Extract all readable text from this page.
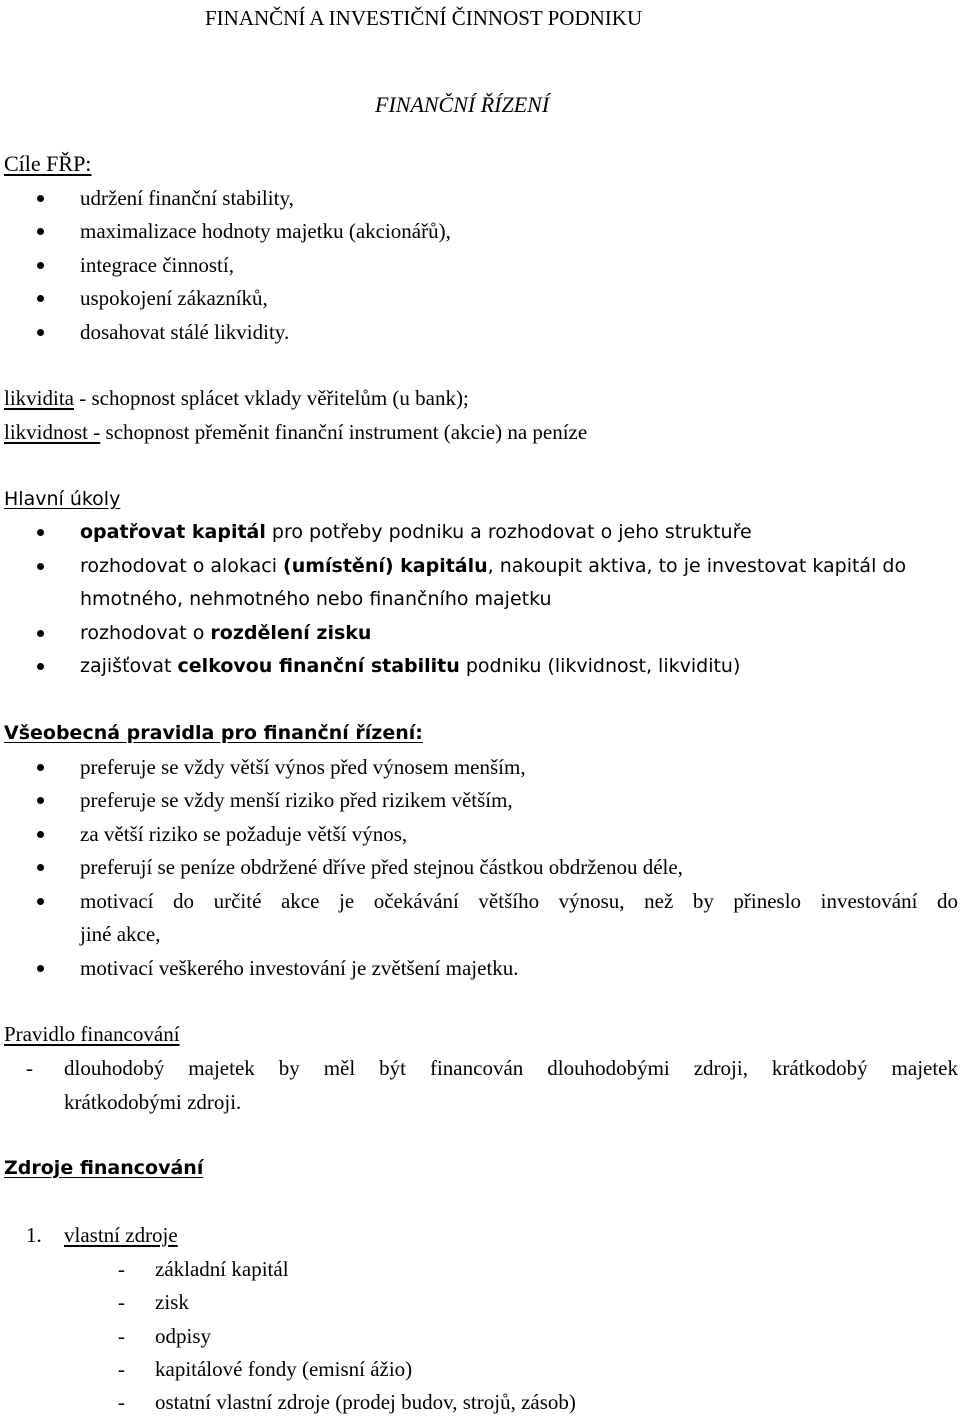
FINANČNÍ A INVESTIČNÍ ČINNOST PODNIKU
FINANČNÍ ŘÍZENÍ
Cíle FŘP:
udržení finanční stability,
maximalizace hodnoty majetku (akcionářů),
integrace činností,
uspokojení zákazníků,
dosahovat stálé likvidity.
likvidita - schopnost splácet vklady věřitelům (u bank);
likvidnost - schopnost přeměnit finanční instrument (akcie) na peníze
Hlavní úkoly
opatřovat kapitál pro potřeby podniku a rozhodovat o jeho struktuře
rozhodovat o alokaci (umístění) kapitálu, nakoupit aktiva, to je investovat kapitál do
hmotného, nehmotného nebo finančního majetku
rozhodovat o rozdělení zisku
zajišťovat celkovou finanční stabilitu podniku (likvidnost, likviditu)
Všeobecná pravidla pro finanční řízení:
preferuje se vždy větší výnos před výnosem menším,
preferuje se vždy menší riziko před rizikem větším,
za větší riziko se požaduje větší výnos,
preferují se peníze obdržené dříve před stejnou částkou obdrženou déle,
motivací do určité akce je očekávání většího výnosu, než by přineslo investování do
jiné akce,
motivací veškerého investování je zvětšení majetku.
Pravidlo financování
- dlouhodobý majetek by měl být financován dlouhodobými zdroji, krátkodobý majetek
krátkodobými zdroji.
Zdroje financování
1. vlastní zdroje
- základní kapitál
- zisk
- odpisy
- kapitálové fondy (emisní ážio)
- ostatní vlastní zdroje (prodej budov, strojů, zásob)
